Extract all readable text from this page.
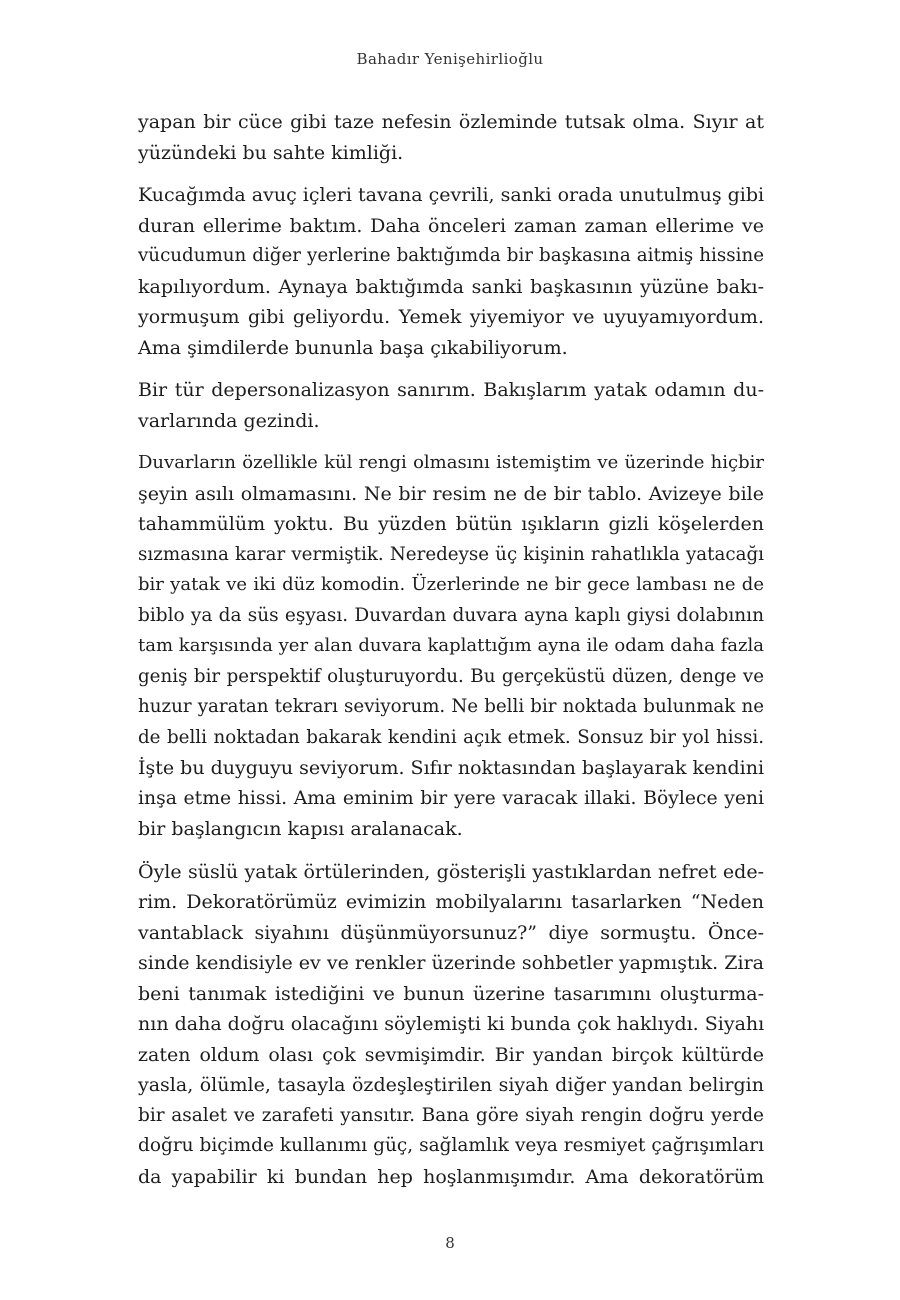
Bahadır Yenişehirlioğlu

yapan bir cüce gibi taze nefesin özleminde tutsak olma. Sıyır at
yüzündeki bu sahte kimliği.

Kucağımda avuç içleri tavana çevrili, sanki orada unutulmuş gibi
duran ellerime baktım. Daha önceleri zaman zaman ellerime ve
vücudumun diğer yerlerine baktığımda bir başkasına aitmiş hissine
kapılıyordum. Aynaya baktığımda sanki başkasının yüzüne bakı-
yormuşum gibi geliyordu. Yemek yiyemiyor ve uyuyamıyordum.
Ama şimdilerde bununla başa çıkabiliyorum.

Bir tür depersonalizasyon sanırım. Bakışlarım yatak odamın du-
varlarında gezindi.

Duvarların özellikle kül rengi olmasını istemiştim ve üzerinde hiçbir
şeyin asılı olmamasını. Ne bir resim ne de bir tablo. Avizeye bile
tahammülüm yoktu. Bu yüzden bütün ışıkların gizli köşelerden
sızmasına karar vermiştik. Neredeyse üç kişinin rahatlıkla yatacağı
bir yatak ve iki düz komodin. Üzerlerinde ne bir gece lambası ne de
biblo ya da süs eşyası. Duvardan duvara ayna kaplı giysi dolabının
tam karşısında yer alan duvara kaplattığım ayna ile odam daha fazla
geniş bir perspektif oluşturuyordu. Bu gerçeküstü düzen, denge ve
huzur yaratan tekrarı seviyorum. Ne belli bir noktada bulunmak ne
de belli noktadan bakarak kendini açık etmek. Sonsuz bir yol hissi.
İşte bu duyguyu seviyorum. Sıfır noktasından başlayarak kendini
inşa etme hissi. Ama eminim bir yere varacak illaki. Böylece yeni
bir başlangıcın kapısı aralanacak.

Öyle süslü yatak örtülerinden, gösterişli yastıklardan nefret ede-
rim. Dekoratörümüz evimizin mobilyalarını tasarlarken “Neden
vantablack siyahını düşünmüyorsunuz?” diye sormuştu. Önce-
sinde kendisiyle ev ve renkler üzerinde sohbetler yapmıştık. Zira
beni tanımak istediğini ve bunun üzerine tasarımını oluşturma-
nın daha doğru olacağını söylemişti ki bunda çok haklıydı. Siyahı
zaten oldum olası çok sevmişimdir. Bir yandan birçok kültürde
yasla, ölümle, tasayla özdeşleştirilen siyah diğer yandan belirgin
bir asalet ve zarafeti yansıtır. Bana göre siyah rengin doğru yerde
doğru biçimde kullanımı güç, sağlamlık veya resmiyet çağrışımları
da yapabilir ki bundan hep hoşlanmışımdır. Ama dekoratörüm

8
